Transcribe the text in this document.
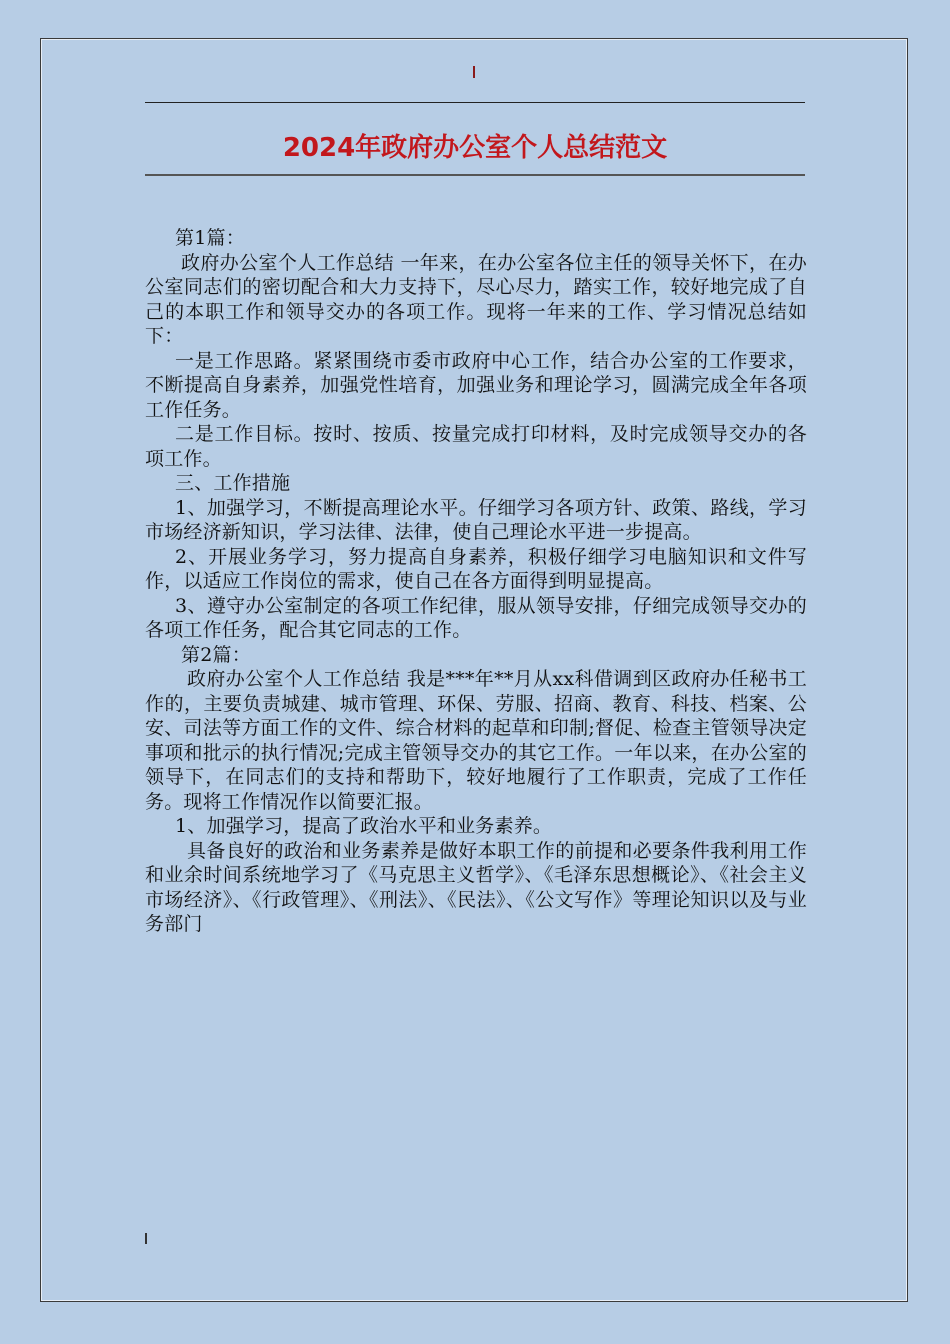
2024年政府办公室个人总结范文

第1篇：

政府办公室个人工作总结 一年来，在办公室各位主任的领导关怀下，在办公室同志们的密切配合和大力支持下，尽心尽力，踏实工作，较好地完成了自己的本职工作和领导交办的各项工作。现将一年来的工作、学习情况总结如下：

一是工作思路。紧紧围绕市委市政府中心工作，结合办公室的工作要求，不断提高自身素养，加强党性培育，加强业务和理论学习，圆满完成全年各项工作任务。

二是工作目标。按时、按质、按量完成打印材料，及时完成领导交办的各项工作。

三、工作措施

1、加强学习，不断提高理论水平。仔细学习各项方针、政策、路线，学习市场经济新知识，学习法律、法律，使自己理论水平进一步提高。

2、开展业务学习，努力提高自身素养，积极仔细学习电脑知识和文件写作，以适应工作岗位的需求，使自己在各方面得到明显提高。

3、遵守办公室制定的各项工作纪律，服从领导安排，仔细完成领导交办的各项工作任务，配合其它同志的工作。

第2篇：

政府办公室个人工作总结 我是***年**月从xx科借调到区政府办任秘书工作的，主要负责城建、城市管理、环保、劳服、招商、教育、科技、档案、公安、司法等方面工作的文件、综合材料的起草和印制;督促、检查主管领导决定事项和批示的执行情况;完成主管领导交办的其它工作。一年以来，在办公室的领导下，在同志们的支持和帮助下，较好地履行了工作职责，完成了工作任务。现将工作情况作以简要汇报。

1、加强学习，提高了政治水平和业务素养。

具备良好的政治和业务素养是做好本职工作的前提和必要条件我利用工作和业余时间系统地学习了《马克思主义哲学》、《毛泽东思想概论》、《社会主义市场经济》、《行政管理》、《刑法》、《民法》、《公文写作》等理论知识以及与业务部门
